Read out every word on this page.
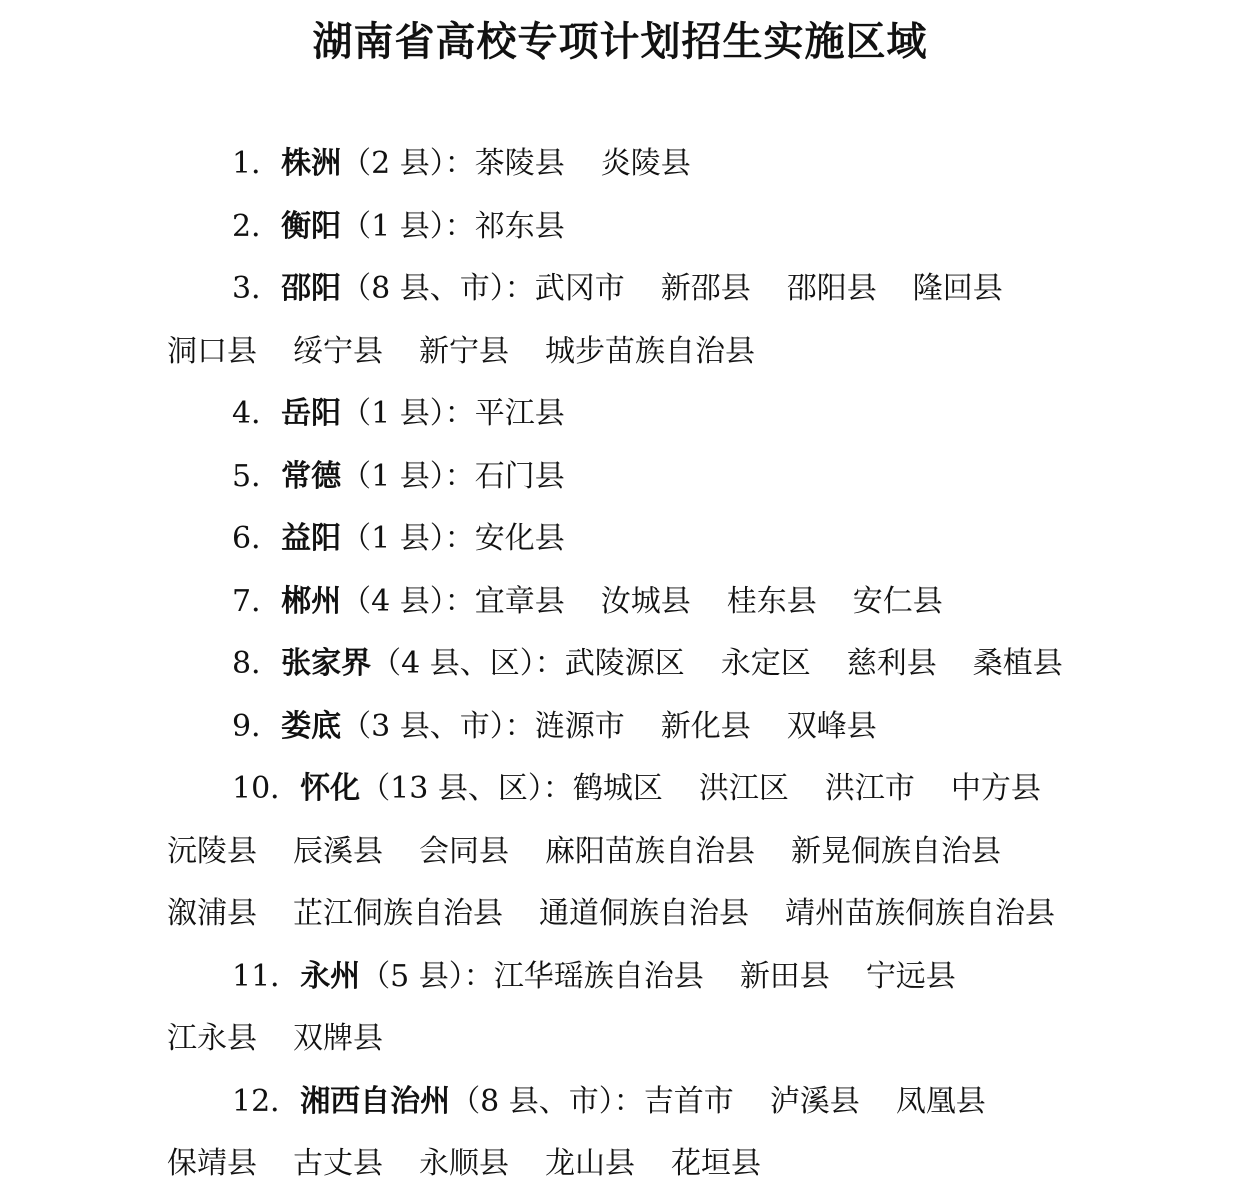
湖南省高校专项计划招生实施区域
1．株洲（2 县）：茶陵县 炎陵县
2．衡阳（1 县）：祁东县
3．邵阳（8 县、市）：武冈市 新邵县 邵阳县 隆回县
洞口县 绥宁县 新宁县 城步苗族自治县
4．岳阳（1 县）：平江县
5．常德（1 县）：石门县
6．益阳（1 县）：安化县
7．郴州（4 县）：宜章县 汝城县 桂东县 安仁县
8．张家界（4 县、区）：武陵源区 永定区 慈利县 桑植县
9．娄底（3 县、市）：涟源市 新化县 双峰县
10．怀化（13 县、区）：鹤城区 洪江区 洪江市 中方县
沅陵县 辰溪县 会同县 麻阳苗族自治县 新晃侗族自治县
溆浦县 芷江侗族自治县 通道侗族自治县 靖州苗族侗族自治县
11．永州（5 县）：江华瑶族自治县 新田县 宁远县
江永县 双牌县
12．湘西自治州（8 县、市）：吉首市 泸溪县 凤凰县
保靖县 古丈县 永顺县 龙山县 花垣县
